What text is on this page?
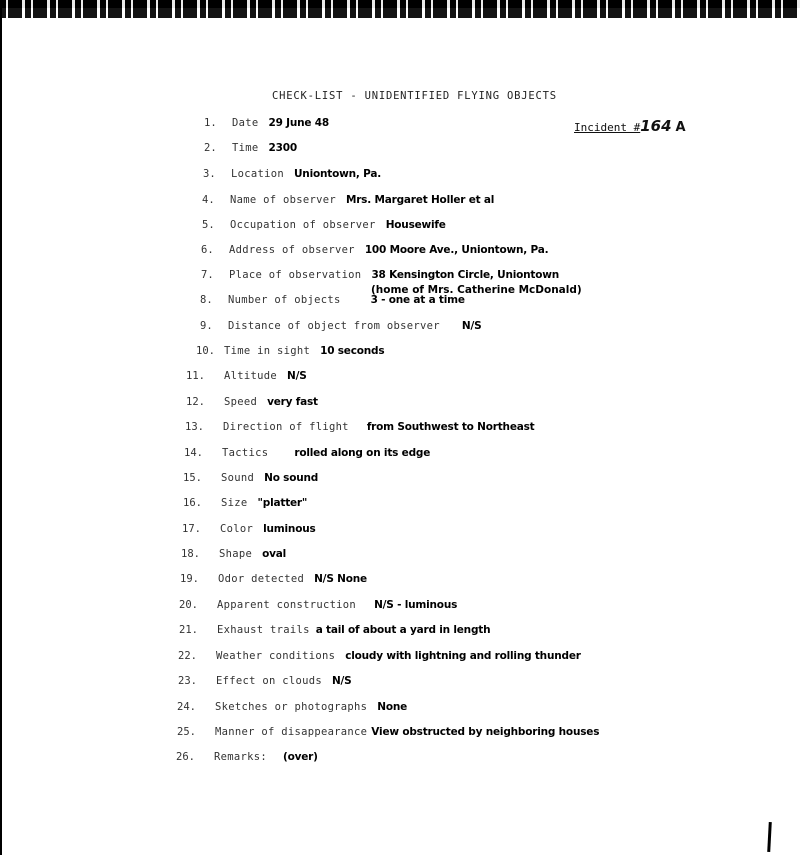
CHECK-LIST - UNIDENTIFIED FLYING OBJECTS
Incident #164 A
1. Date 29 June 48
2. Time 2300
3. Location Uniontown, Pa.
4. Name of observer Mrs. Margaret Holler et al
5. Occupation of observer Housewife
6. Address of observer 100 Moore Ave., Uniontown, Pa.
7. Place of observation 38 Kensington Circle, Uniontown
(home of Mrs. Catherine McDonald)
8. Number of objects	3 - one at a time
9. Distance of object from observer N/S
10. Time in sight 10 seconds
11. Altitude N/S
12. Speed very fast
13. Direction of flight from Southwest to Northeast
14. Tactics rolled along on its edge
15. Sound No sound
16. Size "platter"
17. Color luminous
18. Shape oval
19. Odor detected N/S None
20. Apparent construction N/S - luminous
21. Exhaust trails a tail of about a yard in length
22. Weather conditions cloudy with lightning and rolling thunder
23. Effect on clouds N/S
24. Sketches or photographs None
25. Manner of disappearance View obstructed by neighboring houses
26. Remarks: (over)
